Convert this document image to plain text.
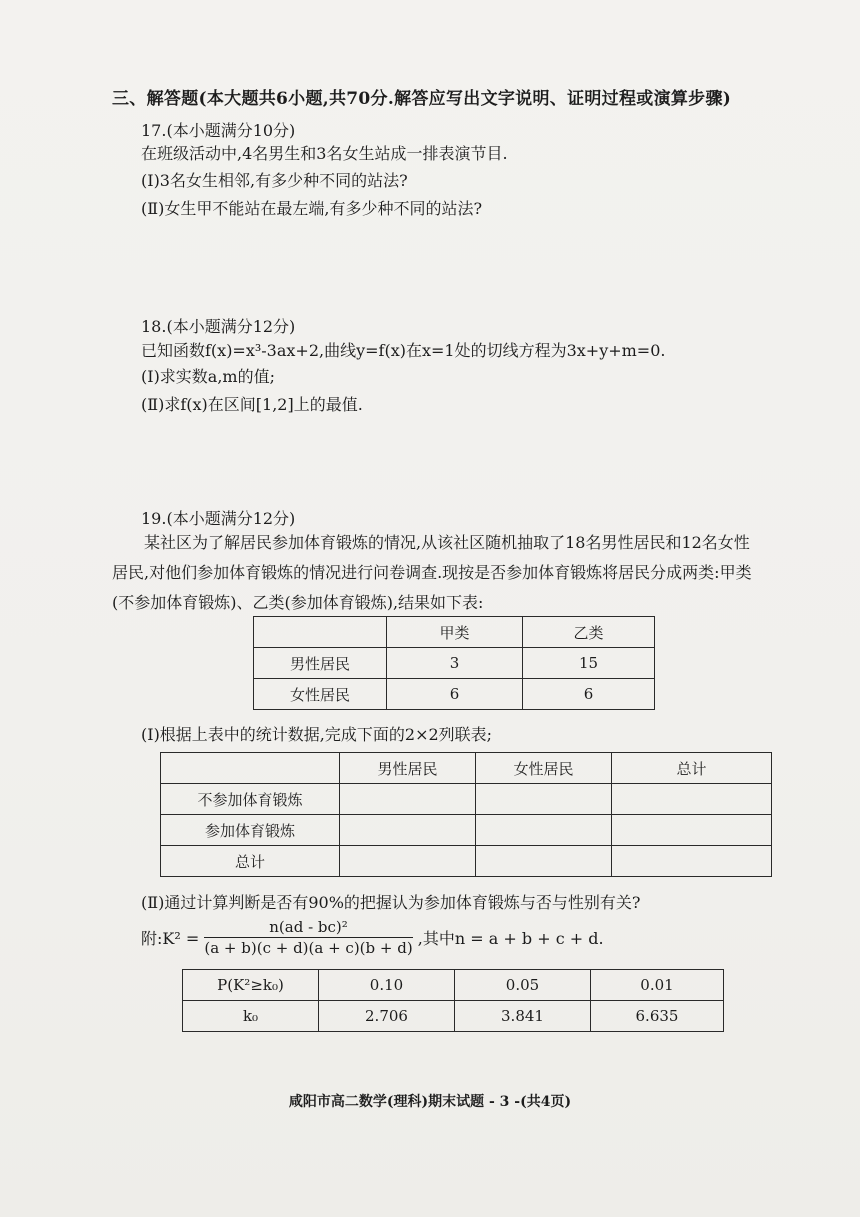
三、解答题(本大题共6小题,共70分.解答应写出文字说明、证明过程或演算步骤)
17.(本小题满分10分)
在班级活动中,4名男生和3名女生站成一排表演节目.
(Ⅰ)3名女生相邻,有多少种不同的站法?
(Ⅱ)女生甲不能站在最左端,有多少种不同的站法?
18.(本小题满分12分)
已知函数f(x)=x³-3ax+2,曲线y=f(x)在x=1处的切线方程为3x+y+m=0.
(Ⅰ)求实数a,m的值;
(Ⅱ)求f(x)在区间[1,2]上的最值.
19.(本小题满分12分)
某社区为了解居民参加体育锻炼的情况,从该社区随机抽取了18名男性居民和12名女性居民,对他们参加体育锻炼的情况进行问卷调查.现按是否参加体育锻炼将居民分成两类:甲类(不参加体育锻炼)、乙类(参加体育锻炼),结果如下表:
	甲类	乙类
男性居民	3	15
女性居民	6	6
(Ⅰ)根据上表中的统计数据,完成下面的2×2列联表;
	男性居民	女性居民	总计
不参加体育锻炼			
参加体育锻炼			
总计			
(Ⅱ)通过计算判断是否有90%的把握认为参加体育锻炼与否与性别有关?
附:K² = $\frac{\text{n(ad - bc)²}}{(a + b)(c + d)(a + c)(b + d)}$ ,其中n = a + b + c + d.
P(K²≥k₀)	0.10	0.05	0.01
k₀	2.706	3.841	6.635
咸阳市高二数学(理科)期末试题 - 3 -(共4页)
